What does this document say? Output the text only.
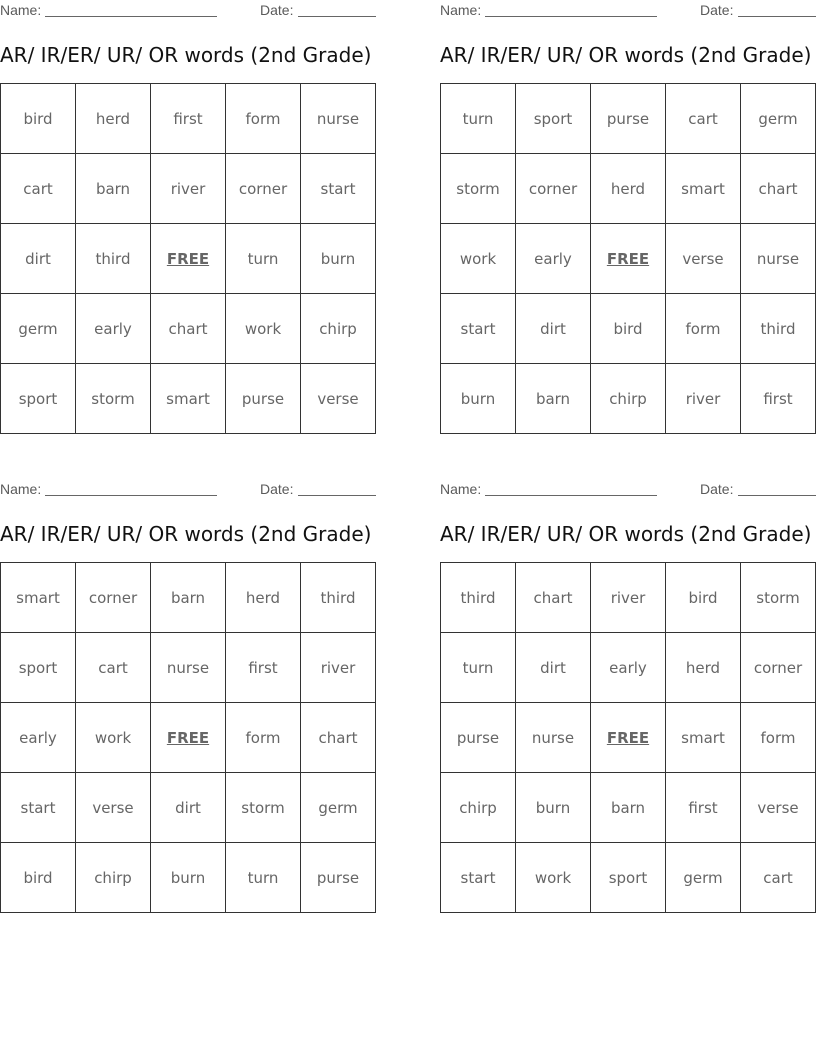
Name:	Date:
AR/ IR/ER/ UR/ OR words (2nd Grade)
bird	herd	first	form	nurse
cart	barn	river	corner	start
dirt	third	FREE	turn	burn
germ	early	chart	work	chirp
sport	storm	smart	purse	verse
Name:	Date:
AR/ IR/ER/ UR/ OR words (2nd Grade)
turn	sport	purse	cart	germ
storm	corner	herd	smart	chart
work	early	FREE	verse	nurse
start	dirt	bird	form	third
burn	barn	chirp	river	first
Name:	Date:
AR/ IR/ER/ UR/ OR words (2nd Grade)
smart	corner	barn	herd	third
sport	cart	nurse	first	river
early	work	FREE	form	chart
start	verse	dirt	storm	germ
bird	chirp	burn	turn	purse
Name:	Date:
AR/ IR/ER/ UR/ OR words (2nd Grade)
third	chart	river	bird	storm
turn	dirt	early	herd	corner
purse	nurse	FREE	smart	form
chirp	burn	barn	first	verse
start	work	sport	germ	cart
